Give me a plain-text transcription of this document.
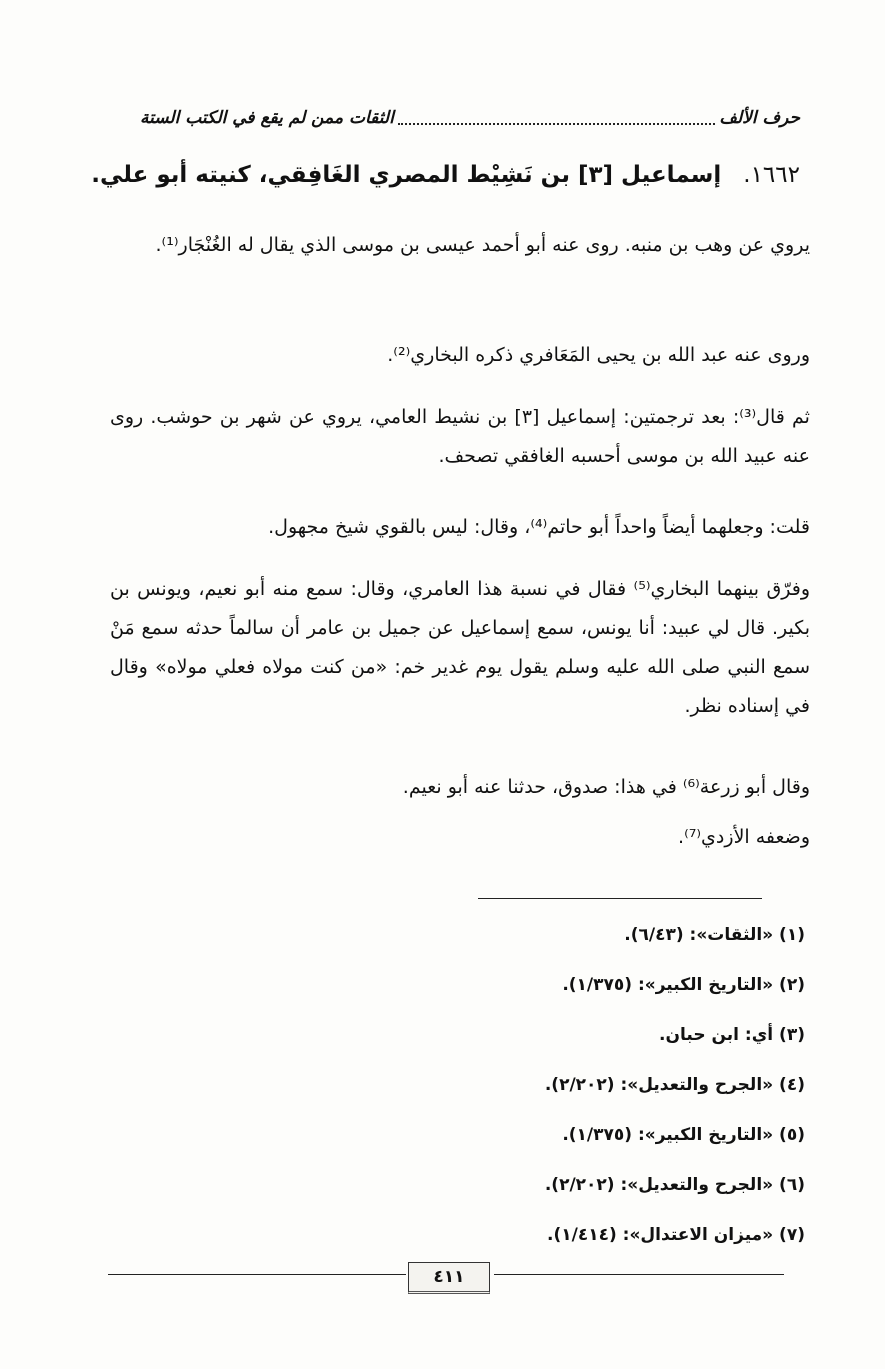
حرف الألف
الثقات ممن لم يقع في الكتب الستة
١٦٦٢. إسماعيل [٣] بن نَشِيْط المصري الغَافِقي، كنيته أبو علي.
يروي عن وهب بن منبه. روى عنه أبو أحمد عيسى بن موسى الذي يقال له الغُنْجَار⁽¹⁾.
وروى عنه عبد الله بن يحيى المَعَافري ذكره البخاري⁽²⁾.
ثم قال⁽³⁾: بعد ترجمتين: إسماعيل [٣] بن نشيط العامي، يروي عن شهر بن حوشب. روى عنه عبيد الله بن موسى أحسبه الغافقي تصحف.
قلت: وجعلهما أيضاً واحداً أبو حاتم⁽⁴⁾، وقال: ليس بالقوي شيخ مجهول.
وفرّق بينهما البخاري⁽⁵⁾ فقال في نسبة هذا العامري، وقال: سمع منه أبو نعيم، ويونس بن بكير. قال لي عبيد: أنا يونس، سمع إسماعيل عن جميل بن عامر أن سالماً حدثه سمع مَنْ سمع النبي صلى الله عليه وسلم يقول يوم غدير خم: «من كنت مولاه فعلي مولاه» وقال في إسناده نظر.
وقال أبو زرعة⁽⁶⁾ في هذا: صدوق، حدثنا عنه أبو نعيم.
وضعفه الأزدي⁽⁷⁾.
(١) «الثقات»: (٦/٤٣).
(٢) «التاريخ الكبير»: (١/٣٧٥).
(٣) أي: ابن حبان.
(٤) «الجرح والتعديل»: (٢/٢٠٢).
(٥) «التاريخ الكبير»: (١/٣٧٥).
(٦) «الجرح والتعديل»: (٢/٢٠٢).
(٧) «ميزان الاعتدال»: (١/٤١٤).
٤١١
